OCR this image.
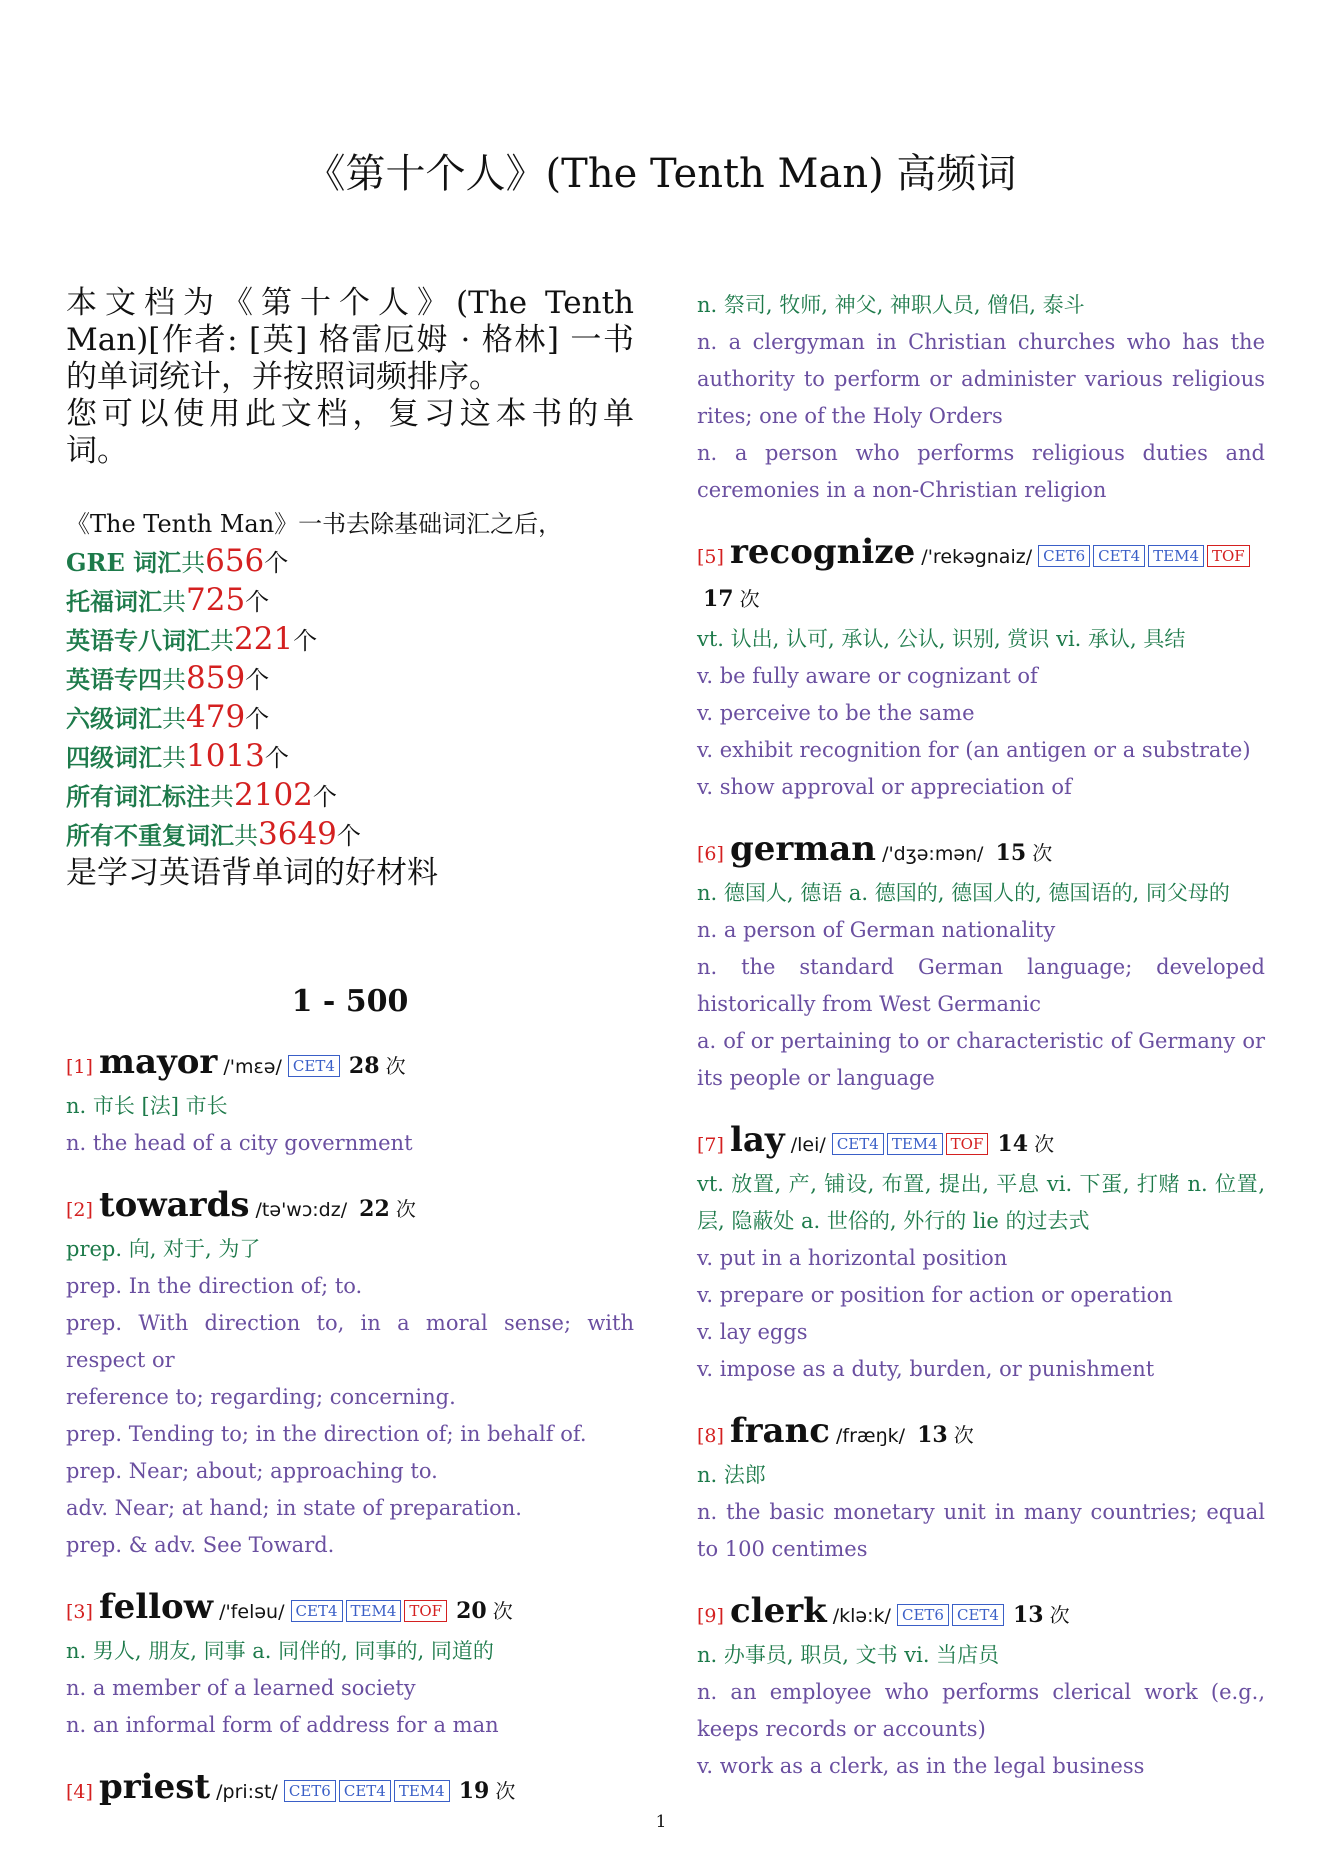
《第十个人》(The Tenth Man) 高频词
本文档为《第十个人》(The Tenth
Man)[作者: [英] 格雷厄姆 · 格林] 一书
的单词统计，并按照词频排序。
您可以使用此文档，复习这本书的单
词。
《The Tenth Man》一书去除基础词汇之后，
GRE 词汇共656个
托福词汇共725个
英语专八词汇共221个
英语专四共859个
六级词汇共479个
四级词汇共1013个
所有词汇标注共2102个
所有不重复词汇共3649个
是学习英语背单词的好材料
1 - 500
[1] mayor /'mɛə/ CET4 28 次
n. 市长 [法] 市长
n. the head of a city government
[2] towards /tə'wɔ:dz/ 22 次
prep. 向, 对于, 为了
prep. In the direction of; to.
prep. With direction to, in a moral sense; with respect or
reference to; regarding; concerning.
prep. Tending to; in the direction of; in behalf of.
prep. Near; about; approaching to.
adv. Near; at hand; in state of preparation.
prep. & adv. See Toward.
[3] fellow /'feləu/ CET4 TEM4 TOF 20 次
n. 男人, 朋友, 同事 a. 同伴的, 同事的, 同道的
n. a member of a learned society
n. an informal form of address for a man
[4] priest /pri:st/ CET6 CET4 TEM4 19 次
n. 祭司, 牧师, 神父, 神职人员, 僧侣, 泰斗
n. a clergyman in Christian churches who has the authority to perform or administer various religious rites; one of the Holy Orders
n. a person who performs religious duties and ceremonies in a non-Christian religion
[5] recognize /'rekəgnaiz/ CET6 CET4 TEM4 TOF17 次
vt. 认出, 认可, 承认, 公认, 识别, 赏识 vi. 承认, 具结
v. be fully aware or cognizant of
v. perceive to be the same
v. exhibit recognition for (an antigen or a substrate)
v. show approval or appreciation of
[6] german /'dʒə:mən/ 15 次
n. 德国人, 德语 a. 德国的, 德国人的, 德国语的, 同父母的
n. a person of German nationality
n. the standard German language; developed historically from West Germanic
a. of or pertaining to or characteristic of Germany or its people or language
[7] lay /lei/ CET4 TEM4 TOF 14 次
vt. 放置, 产, 铺设, 布置, 提出, 平息 vi. 下蛋, 打赌 n. 位置, 层, 隐蔽处 a. 世俗的, 外行的 lie 的过去式
v. put in a horizontal position
v. prepare or position for action or operation
v. lay eggs
v. impose as a duty, burden, or punishment
[8] franc /fræŋk/ 13 次
n. 法郎
n. the basic monetary unit in many countries; equal to 100 centimes
[9] clerk /klə:k/ CET6 CET4 13 次
n. 办事员, 职员, 文书 vi. 当店员
n. an employee who performs clerical work (e.g., keeps records or accounts)
v. work as a clerk, as in the legal business
1
